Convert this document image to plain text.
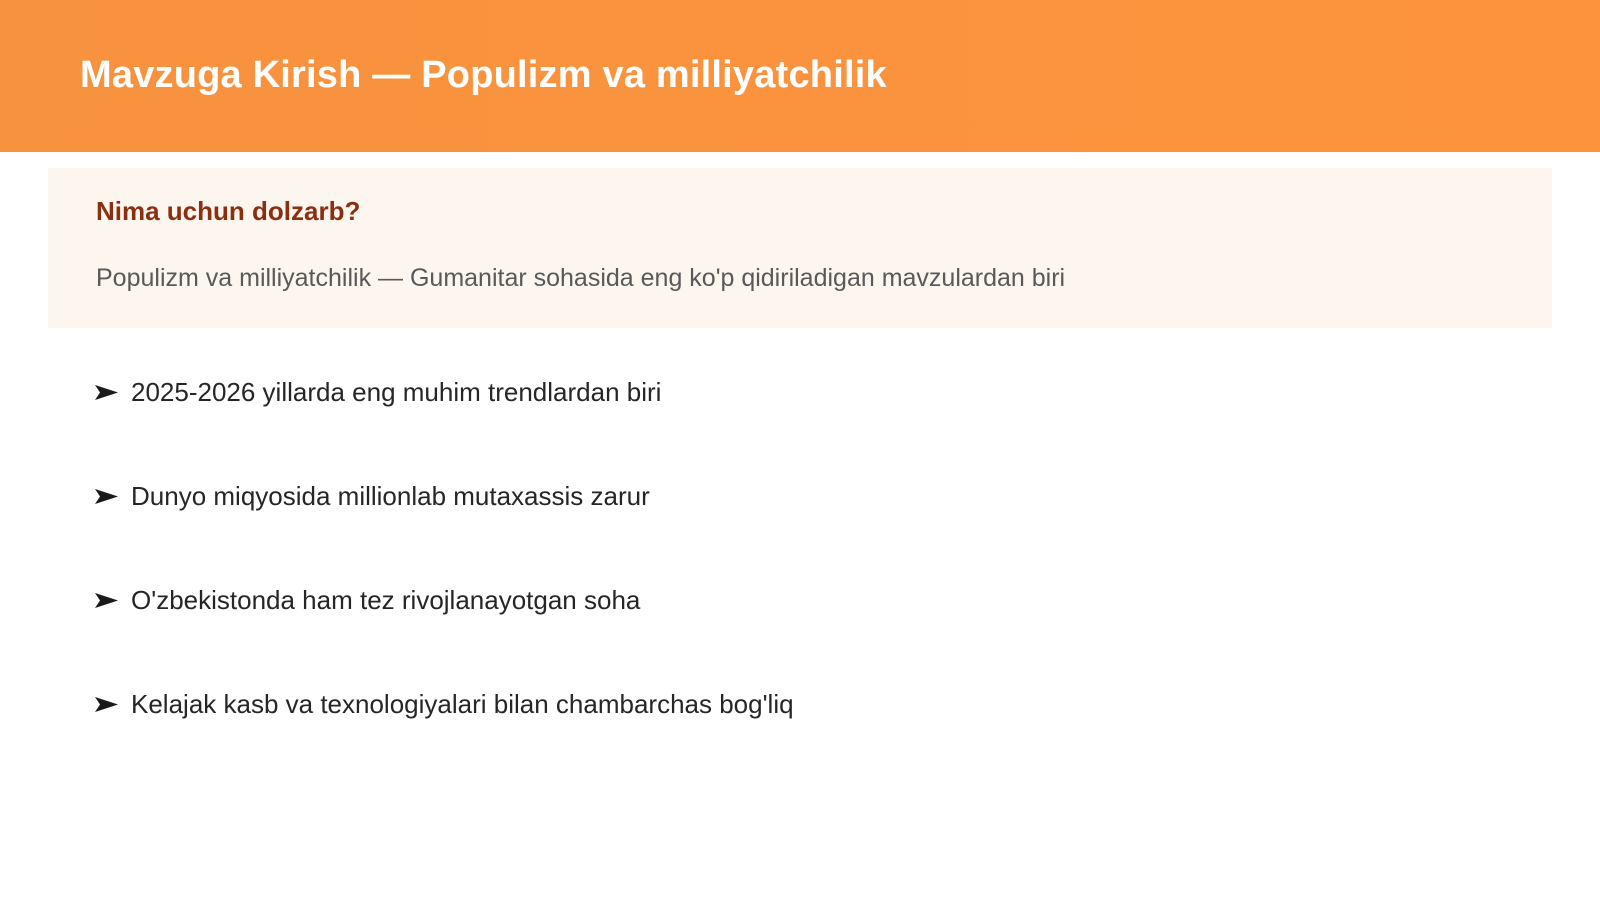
Mavzuga Kirish — Populizm va milliyatchilik
Nima uchun dolzarb?

Populizm va milliyatchilik — Gumanitar sohasida eng ko'p qidiriladigan mavzulardan biri

2025-2026 yillarda eng muhim trendlardan biri
Dunyo miqyosida millionlab mutaxassis zarur
O'zbekistonda ham tez rivojlanayotgan soha
Kelajak kasb va texnologiyalari bilan chambarchas bog'liq
